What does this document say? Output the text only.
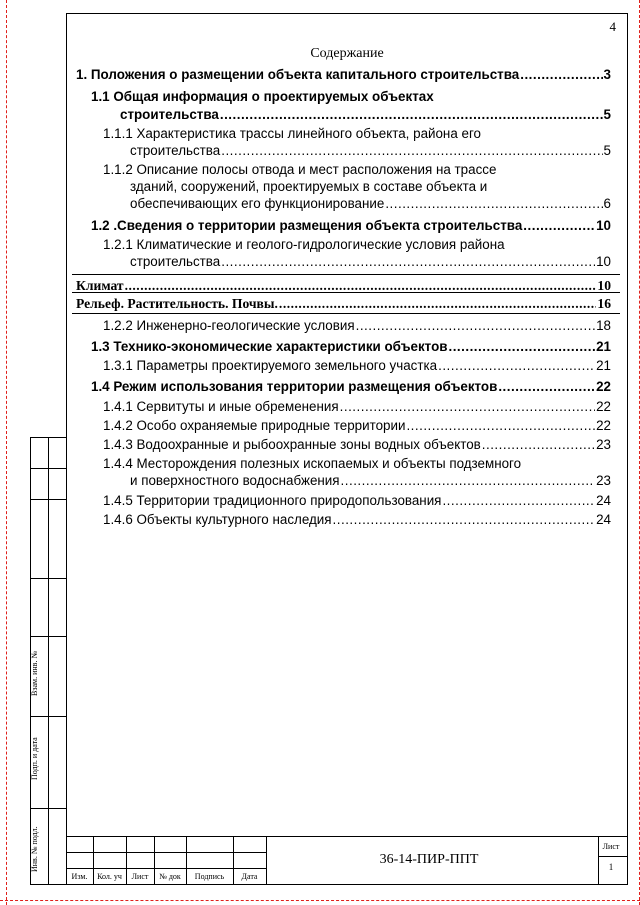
4
Содержание
1. Положения о размещении объекта капитального строительства .....	3
1.1 Общая информация о проектируемых объектах
строительства .....	5
1.1.1 Характеристика трассы линейного объекта, района его
строительства .....	5
1.1.2 Описание полосы отвода и мест расположения на трассе
зданий, сооружений, проектируемых в составе объекта и
обеспечивающих его функционирование .....	6
1.2 .Сведения о территории размещения объекта строительства .....	10
1.2.1 Климатические и геолого-гидрологические условия района
строительства .....	10
Климат .....	10
Рельеф. Растительность. Почвы. .....	16
1.2.2 Инженерно-геологические условия .....	18
1.3 Технико-экономические характеристики объектов .....	21
1.3.1 Параметры проектируемого земельного участка .....	21
1.4 Режим использования территории размещения объектов .....	22
1.4.1 Сервитуты и иные обременения .....	22
1.4.2 Особо охраняемые природные территории .....	22
1.4.3 Водоохранные и рыбоохранные зоны водных объектов .....	23
1.4.4 Месторождения полезных ископаемых и объекты подземного
и поверхностного водоснабжения .....	23
1.4.5 Территории традиционного природопользования .....	24
1.4.6 Объекты культурного наследия .....	24
Взам. инв. №
Подп. и дата
Инв. № подл.
Изм.	Кол. уч	Лист	№ док	Подпись	Дата
36-14-ПИР-ППТ
Лист
1
